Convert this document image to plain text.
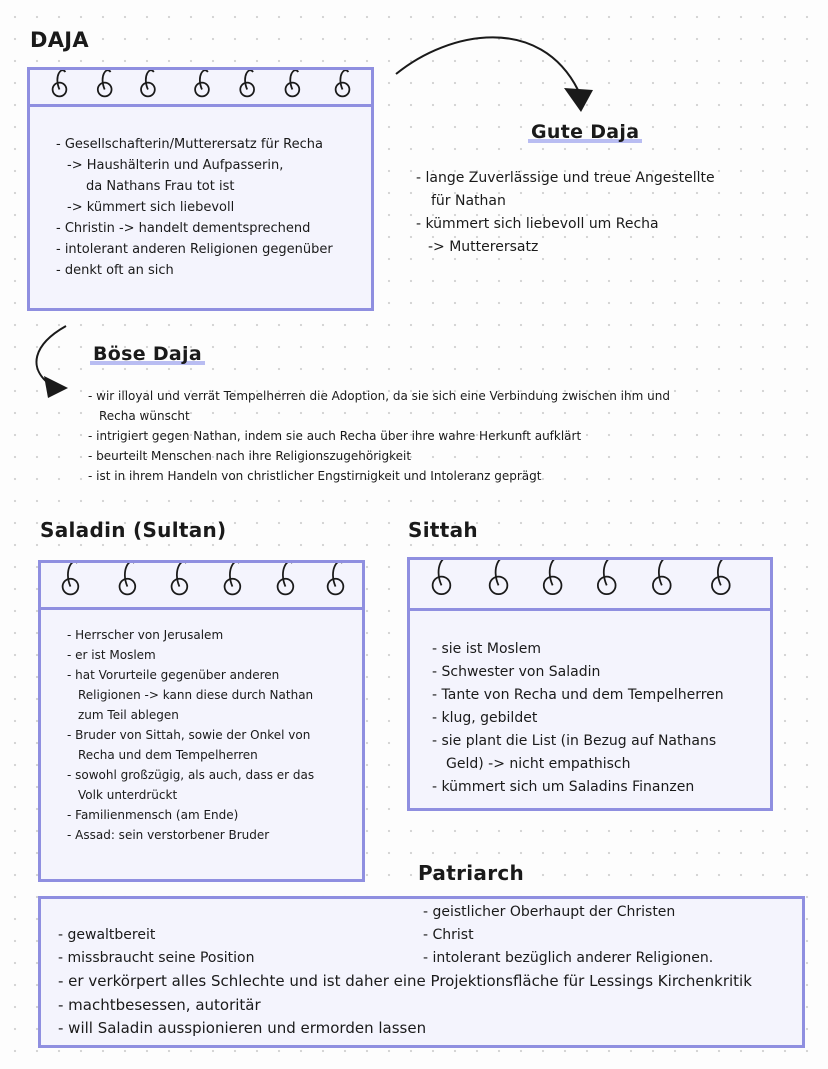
DAJA
- Gesellschafterin/Mutterersatz für Recha
-> Haushälterin und Aufpasserin,
da Nathans Frau tot ist
-> kümmert sich liebevoll
- Christin -> handelt dementsprechend
- intolerant anderen Religionen gegenüber
- denkt oft an sich
Gute Daja
- lange Zuverlässige und treue Angestellte
für Nathan
- kümmert sich liebevoll um Recha
-> Mutterersatz
Böse Daja
- wir illoyal und verrät Tempelherren die Adoption, da sie sich eine Verbindung zwischen ihm und
Recha wünscht
- intrigiert gegen Nathan, indem sie auch Recha über ihre wahre Herkunft aufklärt
- beurteilt Menschen nach ihre Religionszugehörigkeit
- ist in ihrem Handeln von christlicher Engstirnigkeit und Intoleranz geprägt
Saladin (Sultan)
- Herrscher von Jerusalem
- er ist Moslem
- hat Vorurteile gegenüber anderen
Religionen -> kann diese durch Nathan
zum Teil ablegen
- Bruder von Sittah, sowie der Onkel von
Recha und dem Tempelherren
- sowohl großzügig, als auch, dass er das
Volk unterdrückt
- Familienmensch (am Ende)
- Assad: sein verstorbener Bruder
Sittah
- sie ist Moslem
- Schwester von Saladin
- Tante von Recha und dem Tempelherren
- klug, gebildet
- sie plant die List (in Bezug auf Nathans
Geld) -> nicht empathisch
- kümmert sich um Saladins Finanzen
Patriarch
- geistlicher Oberhaupt der Christen
- Christ
- intolerant bezüglich anderer Religionen.
- gewaltbereit
- missbraucht seine Position
- er verkörpert alles Schlechte und ist daher eine Projektionsfläche für Lessings Kirchenkritik
- machtbesessen, autoritär
- will Saladin ausspionieren und ermorden lassen
